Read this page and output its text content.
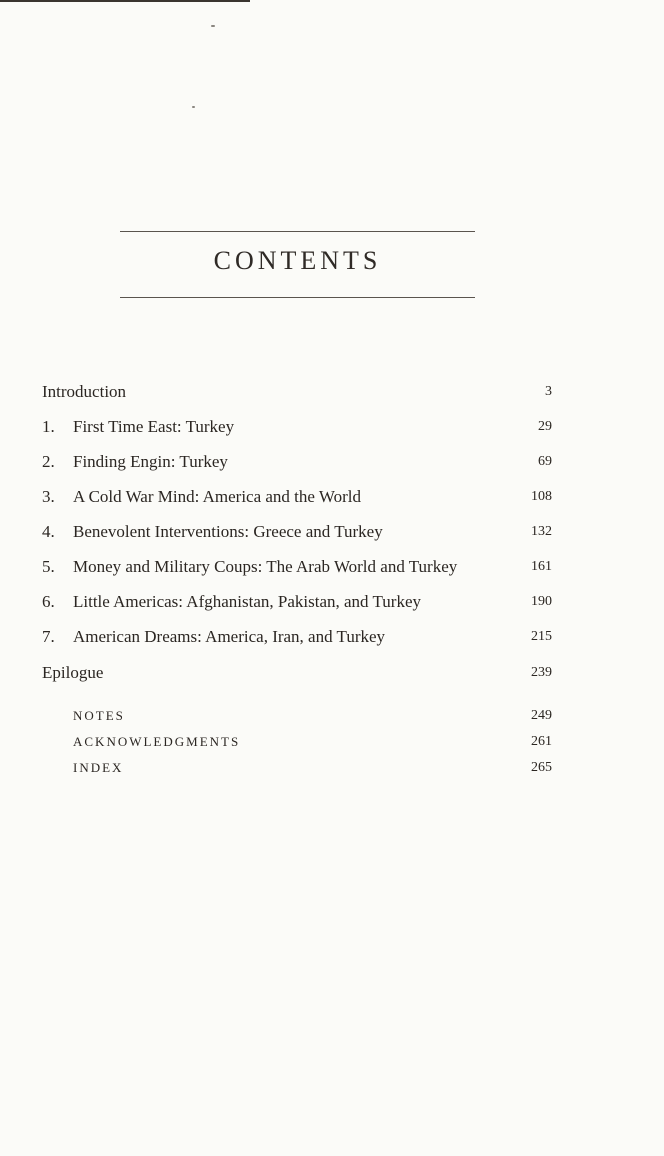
CONTENTS
Introduction	3
1. First Time East: Turkey	29
2. Finding Engin: Turkey	69
3. A Cold War Mind: America and the World	108
4. Benevolent Interventions: Greece and Turkey	132
5. Money and Military Coups: The Arab World and Turkey	161
6. Little Americas: Afghanistan, Pakistan, and Turkey	190
7. American Dreams: America, Iran, and Turkey	215
Epilogue	239
NOTES	249
ACKNOWLEDGMENTS	261
INDEX	265
